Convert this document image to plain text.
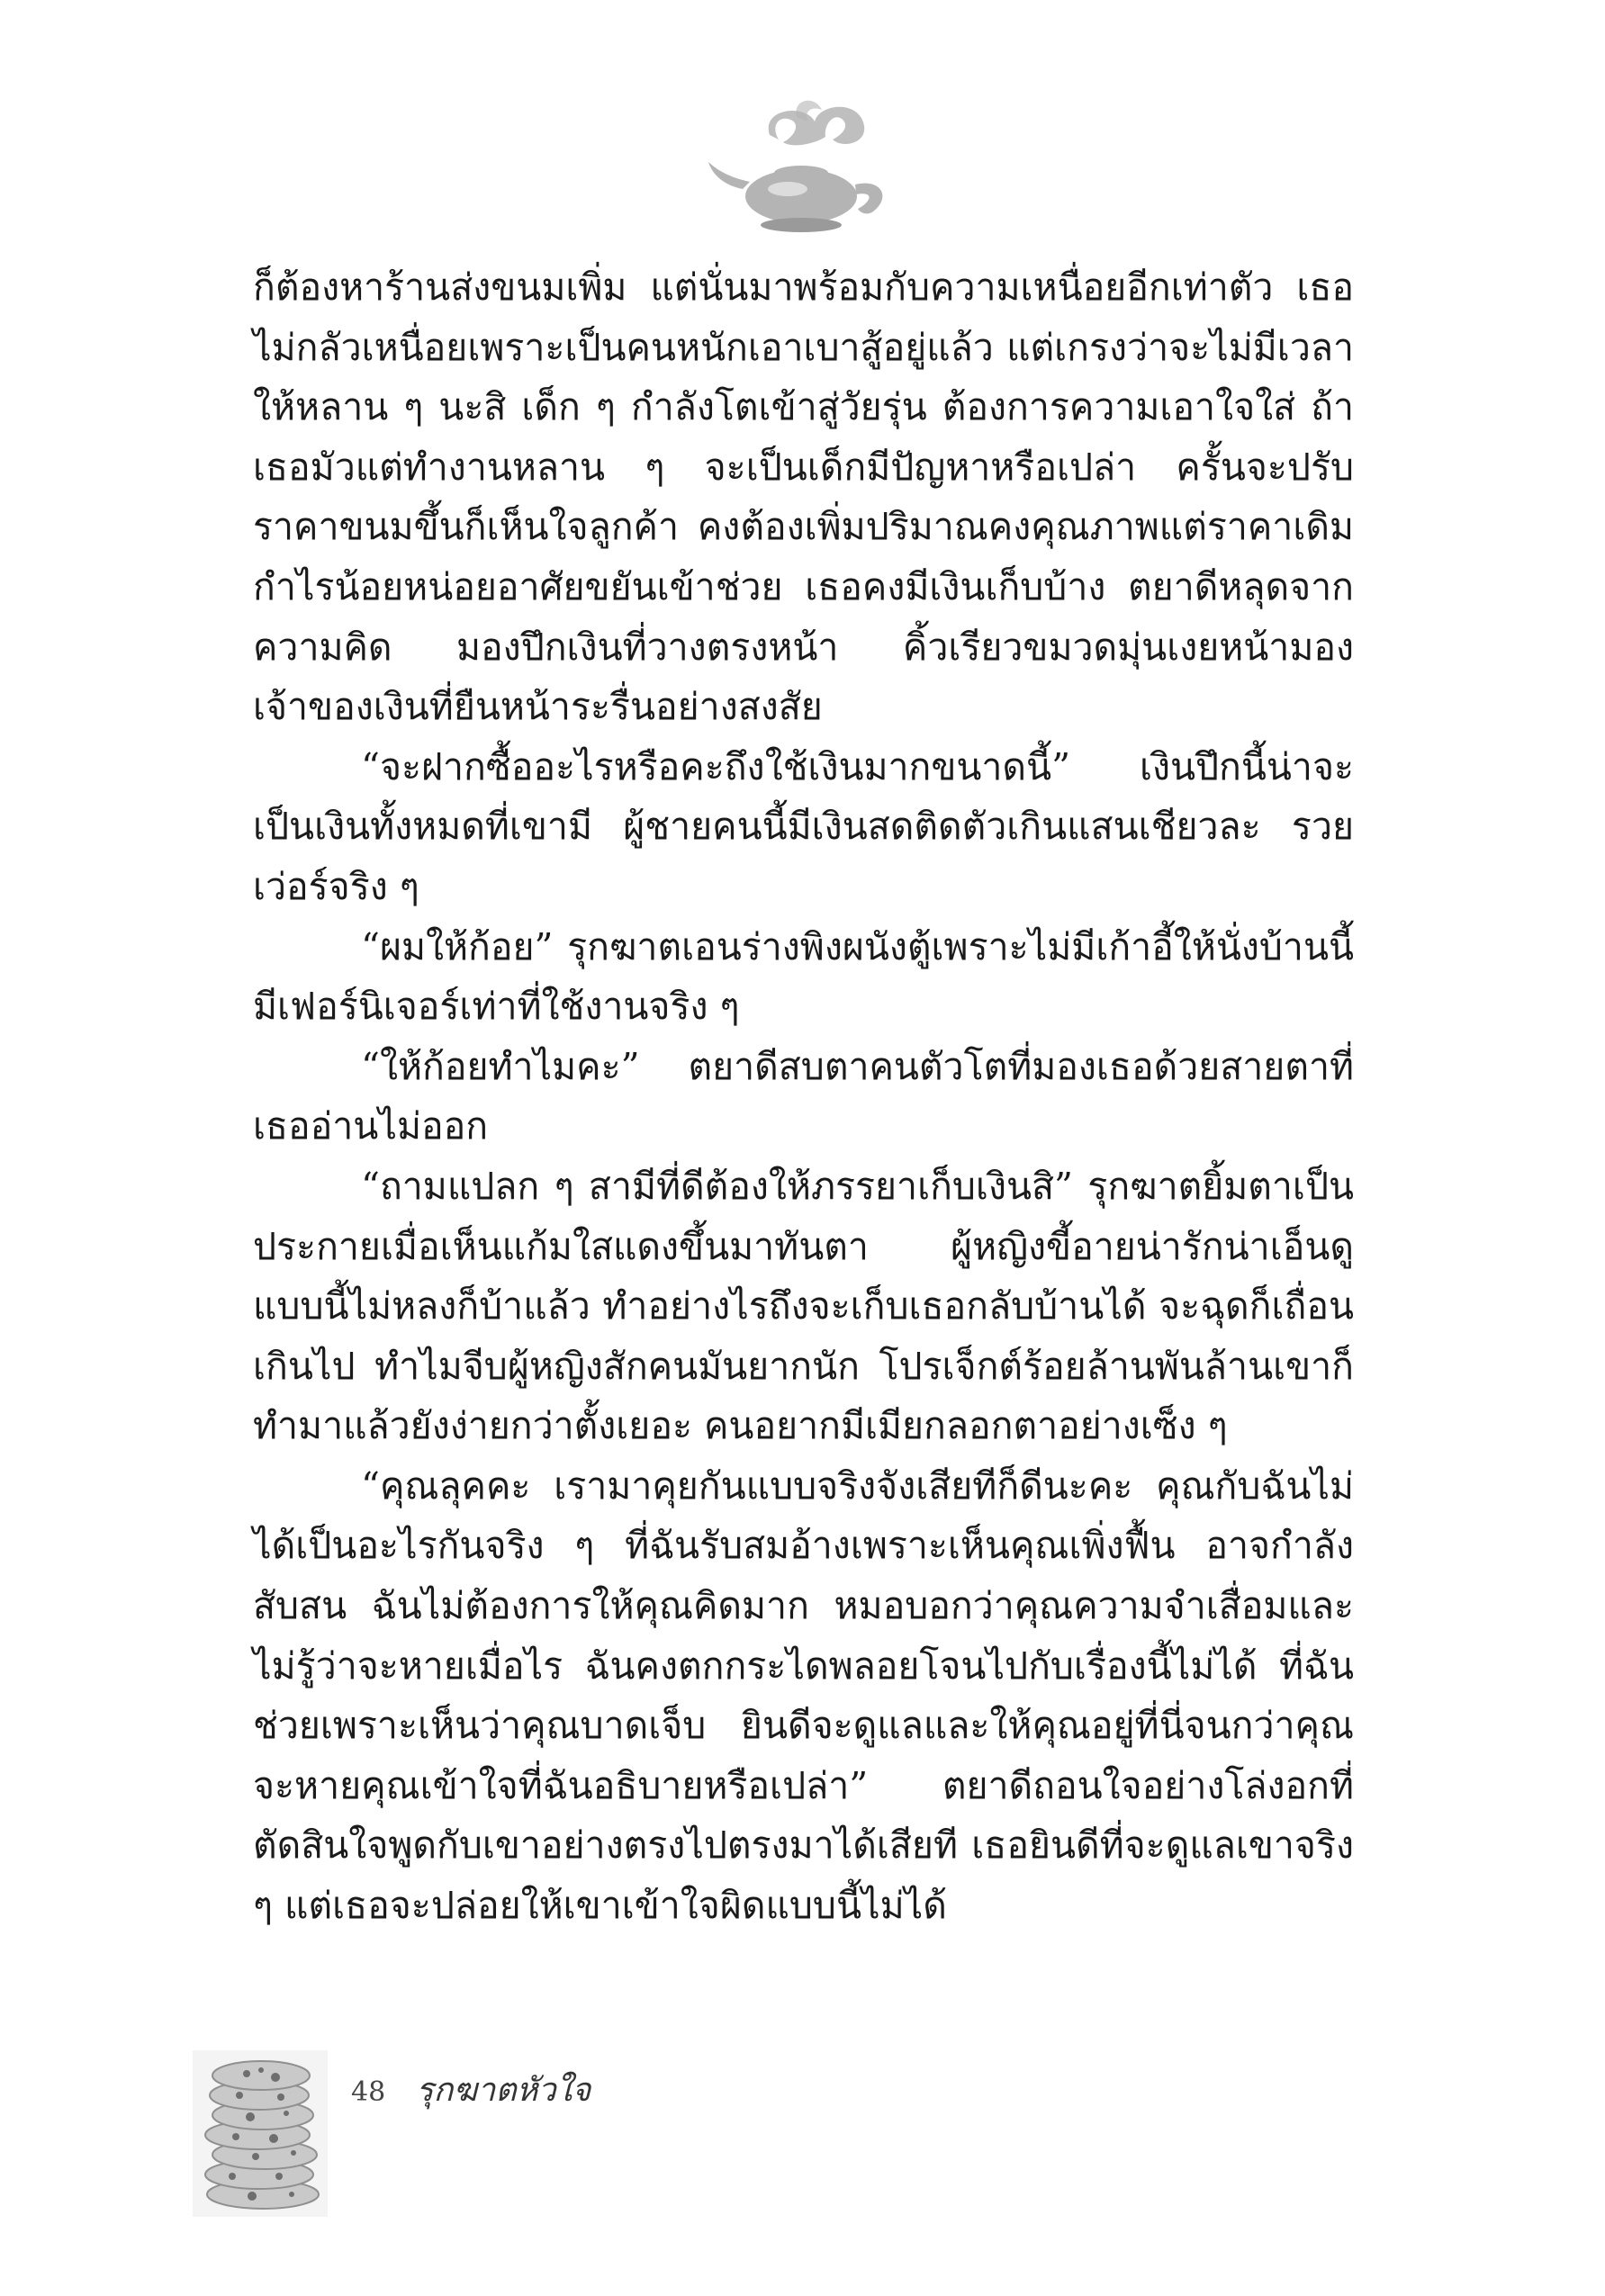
ก็ต้องหาร้านส่งขนมเพิ่ม แต่นั่นมาพร้อมกับความเหนื่อยอีกเท่าตัว เธอไม่กลัวเหนื่อยเพราะเป็นคนหนักเอาเบาสู้อยู่แล้ว แต่เกรงว่าจะไม่มีเวลาให้หลาน ๆ นะสิ เด็ก ๆ กำลังโตเข้าสู่วัยรุ่น ต้องการความเอาใจใส่ ถ้าเธอมัวแต่ทำงานหลาน ๆ จะเป็นเด็กมีปัญหาหรือเปล่า ครั้นจะปรับราคาขนมขึ้นก็เห็นใจลูกค้า คงต้องเพิ่มปริมาณคงคุณภาพแต่ราคาเดิม กำไรน้อยหน่อยอาศัยขยันเข้าช่วย เธอคงมีเงินเก็บบ้าง ตยาดีหลุดจากความคิด มองปึกเงินที่วางตรงหน้า คิ้วเรียวขมวดมุ่นเงยหน้ามองเจ้าของเงินที่ยืนหน้าระรื่นอย่างสงสัย

“จะฝากซื้ออะไรหรือคะถึงใช้เงินมากขนาดนี้” เงินปึกนี้น่าจะเป็นเงินทั้งหมดที่เขามี ผู้ชายคนนี้มีเงินสดติดตัวเกินแสนเชียวละ รวยเว่อร์จริง ๆ

“ผมให้ก้อย” รุกฆาตเอนร่างพิงผนังตู้เพราะไม่มีเก้าอี้ให้นั่งบ้านนี้มีเฟอร์นิเจอร์เท่าที่ใช้งานจริง ๆ

“ให้ก้อยทำไมคะ” ตยาดีสบตาคนตัวโตที่มองเธอด้วยสายตาที่เธออ่านไม่ออก

“ถามแปลก ๆ สามีที่ดีต้องให้ภรรยาเก็บเงินสิ” รุกฆาตยิ้มตาเป็นประกายเมื่อเห็นแก้มใสแดงขึ้นมาทันตา ผู้หญิงขี้อายน่ารักน่าเอ็นดูแบบนี้ไม่หลงก็บ้าแล้ว ทำอย่างไรถึงจะเก็บเธอกลับบ้านได้ จะฉุดก็เถื่อนเกินไป ทำไมจีบผู้หญิงสักคนมันยากนัก โปรเจ็กต์ร้อยล้านพันล้านเขาก็ทำมาแล้วยังง่ายกว่าตั้งเยอะ คนอยากมีเมียกลอกตาอย่างเซ็ง ๆ

“คุณลุคคะ เรามาคุยกันแบบจริงจังเสียทีก็ดีนะคะ คุณกับฉันไม่ได้เป็นอะไรกันจริง ๆ ที่ฉันรับสมอ้างเพราะเห็นคุณเพิ่งฟื้น อาจกำลังสับสน ฉันไม่ต้องการให้คุณคิดมาก หมอบอกว่าคุณความจำเสื่อมและไม่รู้ว่าจะหายเมื่อไร ฉันคงตกกระไดพลอยโจนไปกับเรื่องนี้ไม่ได้ ที่ฉันช่วยเพราะเห็นว่าคุณบาดเจ็บ ยินดีจะดูแลและให้คุณอยู่ที่นี่จนกว่าคุณจะหายคุณเข้าใจที่ฉันอธิบายหรือเปล่า” ตยาดีถอนใจอย่างโล่งอกที่ตัดสินใจพูดกับเขาอย่างตรงไปตรงมาได้เสียที เธอยินดีที่จะดูแลเขาจริง ๆ แต่เธอจะปล่อยให้เขาเข้าใจผิดแบบนี้ไม่ได้

48 รุกฆาตหัวใจ
